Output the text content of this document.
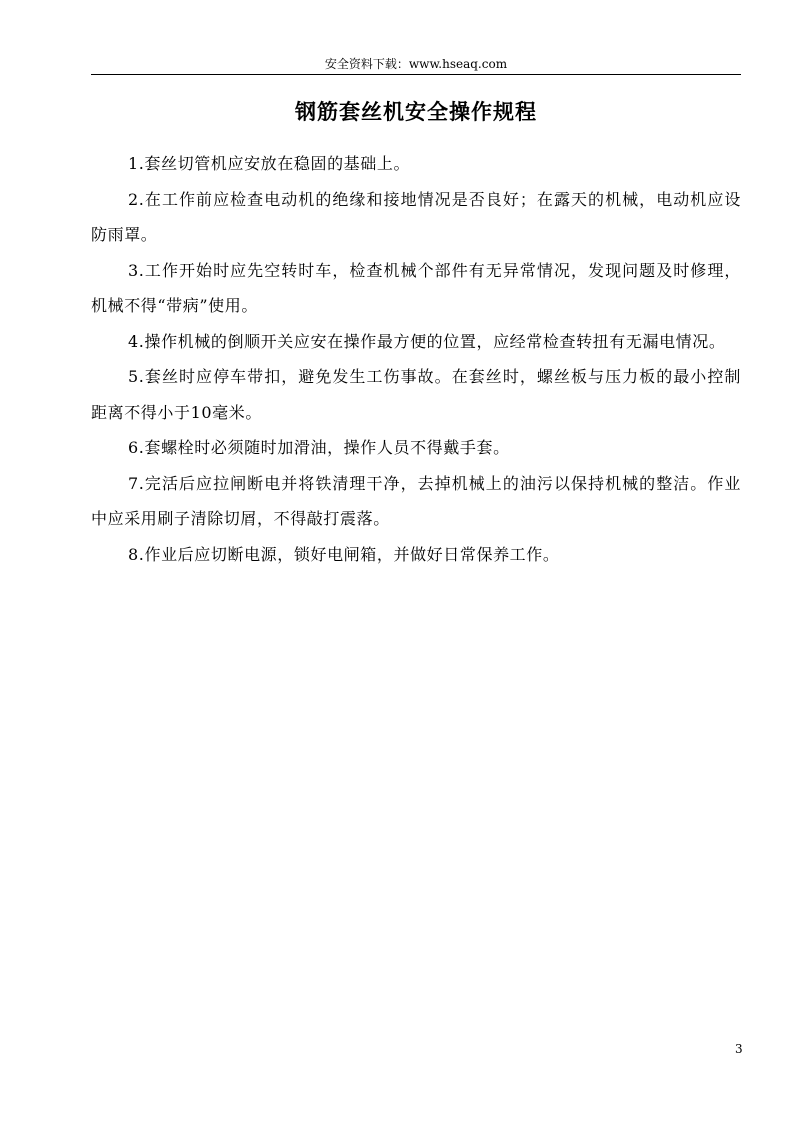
安全资料下载：www.hseaq.com
钢筋套丝机安全操作规程

1.套丝切管机应安放在稳固的基础上。

2.在工作前应检查电动机的绝缘和接地情况是否良好；在露天的机械，电动机应设防雨罩。

3.工作开始时应先空转时车，检查机械个部件有无异常情况，发现问题及时修理，机械不得“带病”使用。

4.操作机械的倒顺开关应安在操作最方便的位置，应经常检查转扭有无漏电情况。

5.套丝时应停车带扣，避免发生工伤事故。在套丝时，螺丝板与压力板的最小控制距离不得小于10毫米。

6.套螺栓时必须随时加滑油，操作人员不得戴手套。

7.完活后应拉闸断电并将铁清理干净，去掉机械上的油污以保持机械的整洁。作业中应采用刷子清除切屑，不得敲打震落。

8.作业后应切断电源，锁好电闸箱，并做好日常保养工作。

3
